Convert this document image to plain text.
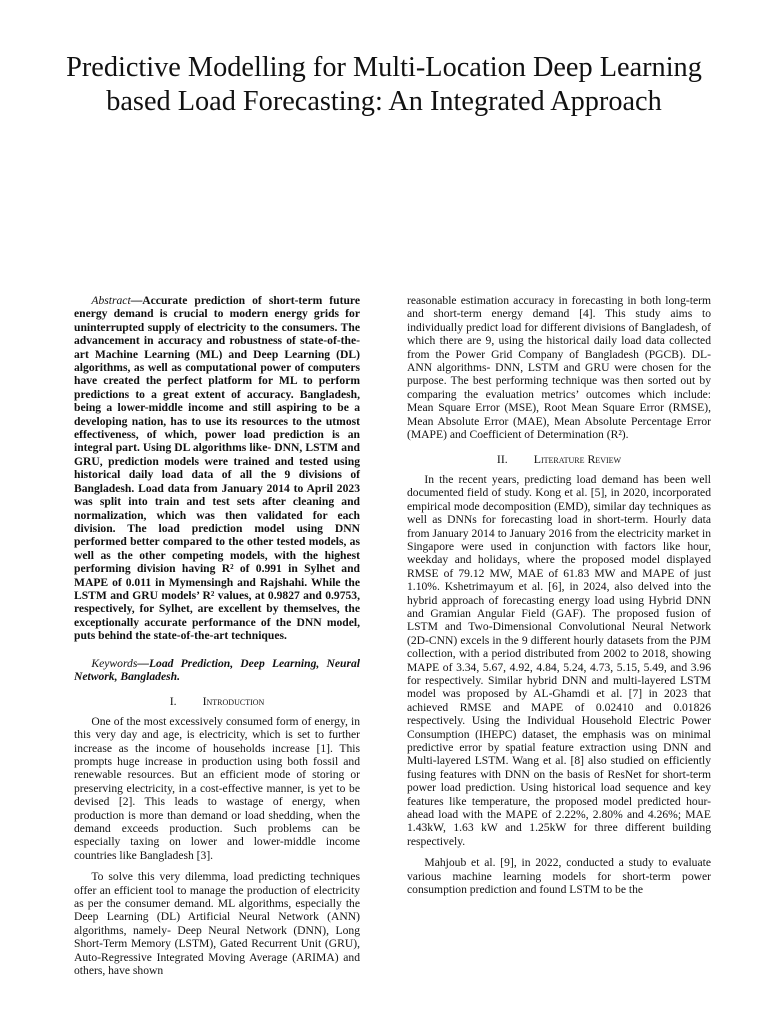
Predictive Modelling for Multi-Location Deep Learning based Load Forecasting: An Integrated Approach

Abstract—Accurate prediction of short-term future energy demand is crucial to modern energy grids for uninterrupted supply of electricity to the consumers. The advancement in accuracy and robustness of state-of-the-art Machine Learning (ML) and Deep Learning (DL) algorithms, as well as computational power of computers have created the perfect platform for ML to perform predictions to a great extent of accuracy. Bangladesh, being a lower-middle income and still aspiring to be a developing nation, has to use its resources to the utmost effectiveness, of which, power load prediction is an integral part. Using DL algorithms like- DNN, LSTM and GRU, prediction models were trained and tested using historical daily load data of all the 9 divisions of Bangladesh. Load data from January 2014 to April 2023 was split into train and test sets after cleaning and normalization, which was then validated for each division. The load prediction model using DNN performed better compared to the other tested models, as well as the other competing models, with the highest performing division having R² of 0.991 in Sylhet and MAPE of 0.011 in Mymensingh and Rajshahi. While the LSTM and GRU models’ R² values, at 0.9827 and 0.9753, respectively, for Sylhet, are excellent by themselves, the exceptionally accurate performance of the DNN model, puts behind the state-of-the-art techniques.

Keywords—Load Prediction, Deep Learning, Neural Network, Bangladesh.

I. Introduction

One of the most excessively consumed form of energy, in this very day and age, is electricity, which is set to further increase as the income of households increase [1]. This prompts huge increase in production using both fossil and renewable resources. But an efficient mode of storing or preserving electricity, in a cost-effective manner, is yet to be devised [2]. This leads to wastage of energy, when production is more than demand or load shedding, when the demand exceeds production. Such problems can be especially taxing on lower and lower-middle income countries like Bangladesh [3].

To solve this very dilemma, load predicting techniques offer an efficient tool to manage the production of electricity as per the consumer demand. ML algorithms, especially the Deep Learning (DL) Artificial Neural Network (ANN) algorithms, namely- Deep Neural Network (DNN), Long Short-Term Memory (LSTM), Gated Recurrent Unit (GRU), Auto-Regressive Integrated Moving Average (ARIMA) and others, have shown

reasonable estimation accuracy in forecasting in both long-term and short-term energy demand [4]. This study aims to individually predict load for different divisions of Bangladesh, of which there are 9, using the historical daily load data collected from the Power Grid Company of Bangladesh (PGCB). DL-ANN algorithms- DNN, LSTM and GRU were chosen for the purpose. The best performing technique was then sorted out by comparing the evaluation metrics’ outcomes which include: Mean Square Error (MSE), Root Mean Square Error (RMSE), Mean Absolute Error (MAE), Mean Absolute Percentage Error (MAPE) and Coefficient of Determination (R²).

II. Literature Review

In the recent years, predicting load demand has been well documented field of study. Kong et al. [5], in 2020, incorporated empirical mode decomposition (EMD), similar day techniques as well as DNNs for forecasting load in short-term. Hourly data from January 2014 to January 2016 from the electricity market in Singapore were used in conjunction with factors like hour, weekday and holidays, where the proposed model displayed RMSE of 79.12 MW, MAE of 61.83 MW and MAPE of just 1.10%. Kshetrimayum et al. [6], in 2024, also delved into the hybrid approach of forecasting energy load using Hybrid DNN and Gramian Angular Field (GAF). The proposed fusion of LSTM and Two-Dimensional Convolutional Neural Network (2D-CNN) excels in the 9 different hourly datasets from the PJM collection, with a period distributed from 2002 to 2018, showing MAPE of 3.34, 5.67, 4.92, 4.84, 5.24, 4.73, 5.15, 5.49, and 3.96 for respectively. Similar hybrid DNN and multi-layered LSTM model was proposed by AL-Ghamdi et al. [7] in 2023 that achieved RMSE and MAPE of 0.02410 and 0.01826 respectively. Using the Individual Household Electric Power Consumption (IHEPC) dataset, the emphasis was on minimal predictive error by spatial feature extraction using DNN and Multi-layered LSTM. Wang et al. [8] also studied on efficiently fusing features with DNN on the basis of ResNet for short-term power load prediction. Using historical load sequence and key features like temperature, the proposed model predicted hour-ahead load with the MAPE of 2.22%, 2.80% and 4.26%; MAE 1.43kW, 1.63 kW and 1.25kW for three different building respectively.

Mahjoub et al. [9], in 2022, conducted a study to evaluate various machine learning models for short-term power consumption prediction and found LSTM to be the
